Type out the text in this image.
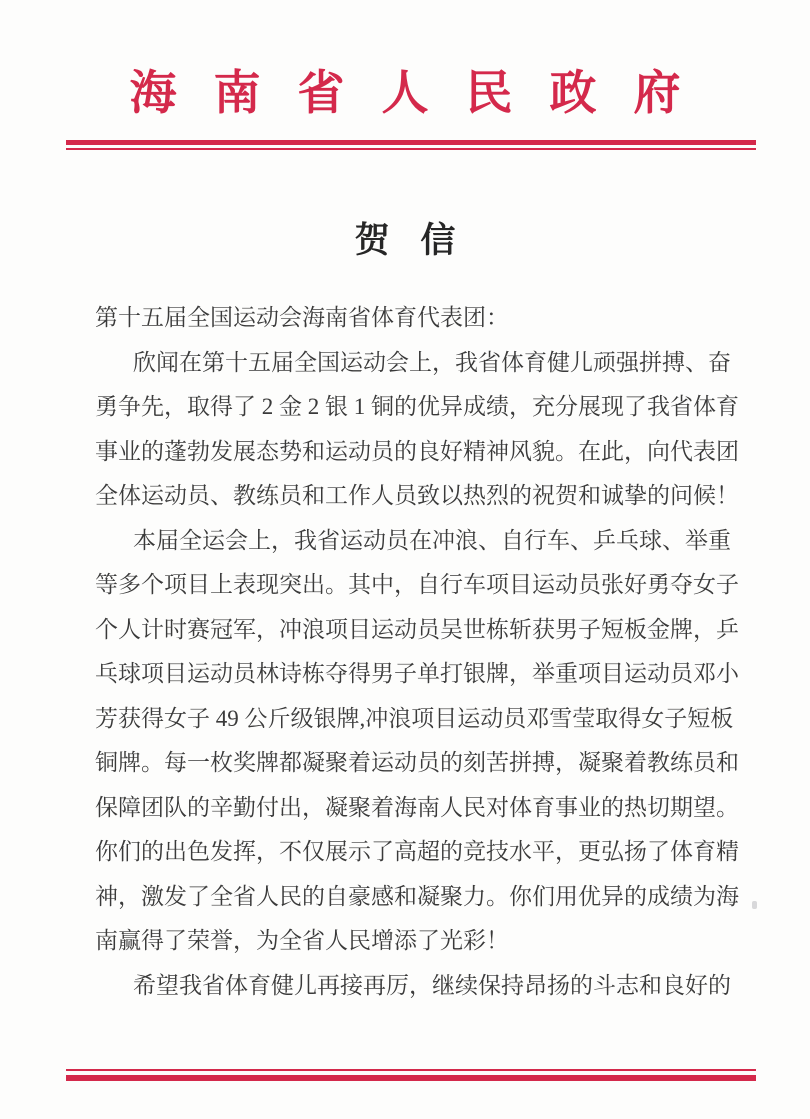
海南省人民政府
贺 信
第十五届全国运动会海南省体育代表团：
欣闻在第十五届全国运动会上，我省体育健儿顽强拼搏、奋
勇争先，取得了 2 金 2 银 1 铜的优异成绩，充分展现了我省体育
事业的蓬勃发展态势和运动员的良好精神风貌。在此，向代表团
全体运动员、教练员和工作人员致以热烈的祝贺和诚挚的问候！
本届全运会上，我省运动员在冲浪、自行车、乒乓球、举重
等多个项目上表现突出。其中，自行车项目运动员张好勇夺女子
个人计时赛冠军，冲浪项目运动员吴世栋斩获男子短板金牌，乒
乓球项目运动员林诗栋夺得男子单打银牌，举重项目运动员邓小
芳获得女子 49 公斤级银牌,冲浪项目运动员邓雪莹取得女子短板
铜牌。每一枚奖牌都凝聚着运动员的刻苦拼搏，凝聚着教练员和
保障团队的辛勤付出，凝聚着海南人民对体育事业的热切期望。
你们的出色发挥，不仅展示了高超的竞技水平，更弘扬了体育精
神，激发了全省人民的自豪感和凝聚力。你们用优异的成绩为海
南赢得了荣誉，为全省人民增添了光彩！
希望我省体育健儿再接再厉，继续保持昂扬的斗志和良好的
